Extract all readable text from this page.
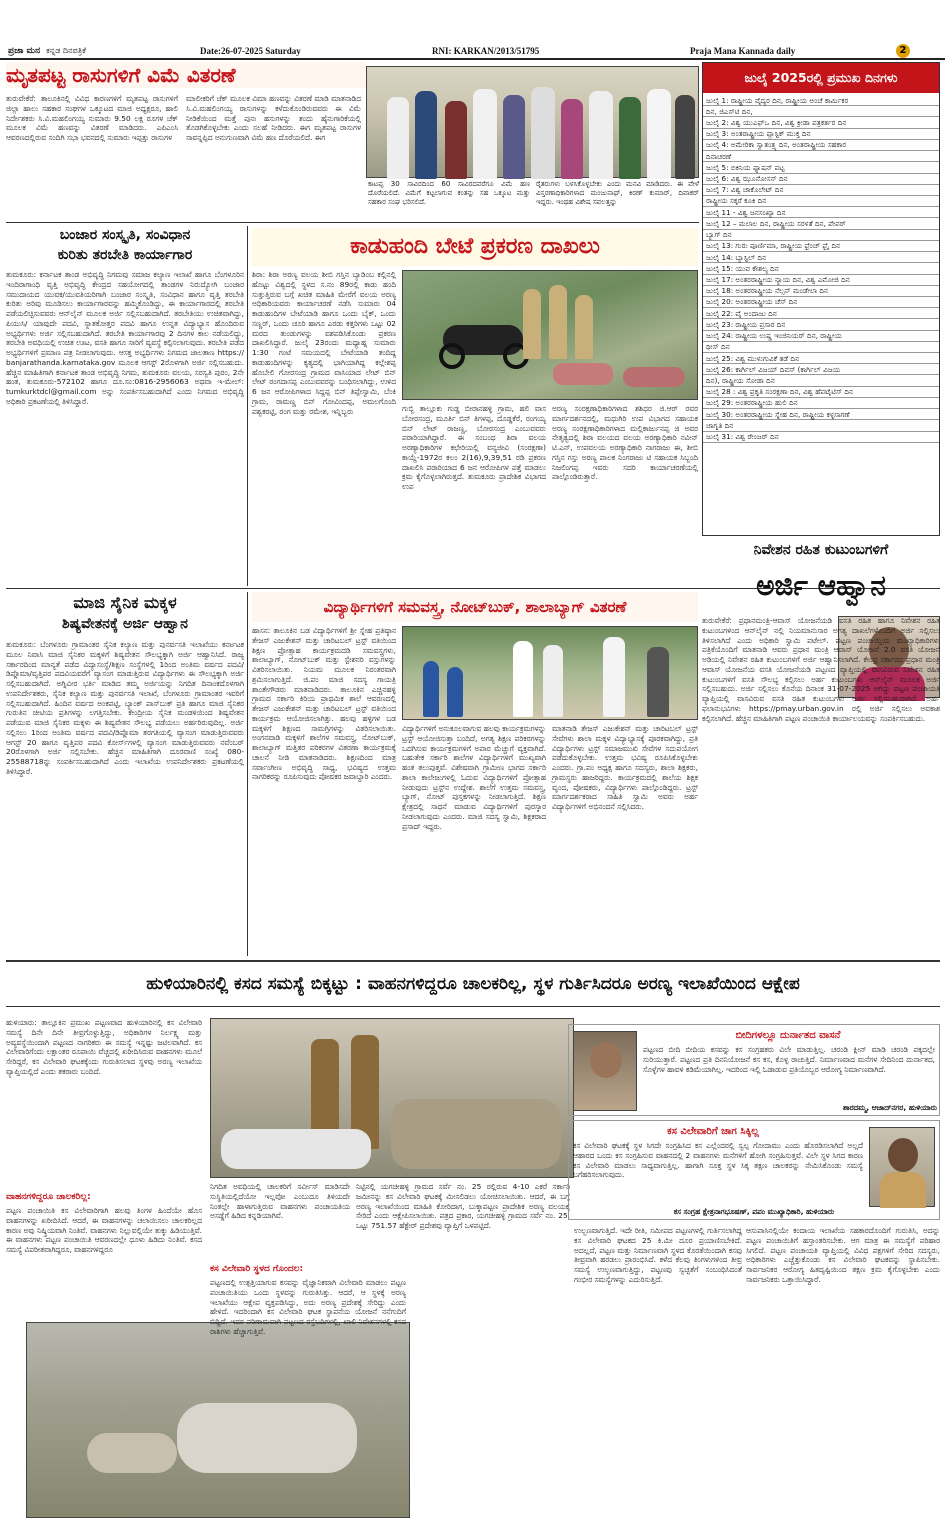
ಪ್ರಜಾ ಮನ ಕನ್ನಡ ದಿನಪತ್ರಿಕೆ	Date:26-07-2025 Saturday	RNI: KARKAN/2013/51795	Praja Mana Kannada daily	2
ಮೃತಪಟ್ಟ ರಾಸುಗಳಿಗೆ ವಿಮೆ ವಿತರಣೆ
ತುರುವೇಕೆರೆ: ತಾಲೂಕಿನಲ್ಲಿ ವಿವಿಧ ಕಾರಣಗಳಿಗೆ ಮೃತಪಟ್ಟ ರಾಸುಗಳಿಗೆ ಜಿಲ್ಲಾ ಹಾಲು ಸಹಕಾರ ಸಂಘಗಳ ಒಕ್ಕೂಟದ ಮಾಜಿ ಅಧ್ಯಕ್ಷರೂ, ಹಾಲಿ ನಿರ್ದೇಶಕರು ಸಿ.ವಿ.ಮಹಲಿಂಗಯ್ಯ ಸುಮಾರು 9.50 ಲಕ್ಷ ರೂಗಳ ಚೆಕ್ ಮೂಲಕ ವಿಮೆ ಹಣವನ್ನು ವಿತರಣೆ ಮಾಡಿದರು. ಎಪಿಎಂಸಿ ಆವರಣದಲ್ಲಿರುವ ಸಂದಿಗಿ ಸಭಾ ಭವನದಲ್ಲಿ ಸುಮಾರು ಇಪ್ಪತ್ತು ರಾಸುಗಳ
ಮಾಲೀಕರಿಗೆ ಚೆಕ್ ಮೂಲಕ ವಿಮಾ ಹಣವನ್ನು ವಿತರಣೆ ಮಾಡಿ ಮಾತನಾಡಿದ ಸಿ.ವಿ.ಮಹಲಿಂಗಯ್ಯ ರಾಸುಗಳನ್ನು ಕಳೆದುಕೊಂಡಿರುವವರು ಈ ವಿಮೆ ನೀಡಿಕೆಯಿಂದ ಮತ್ತೆ ಪುನಃ ಹಸುಗಳನ್ನು ತಂದು ಹೈನುಗಾರಿಕೆಯಲ್ಲಿ ತೊಡಗಿಕೊಳ್ಳಬೇಕು ಎಂದು ಸಲಹೆ ನೀಡಿದರು. ಈಗ ಮೃತಪಟ್ಟ ರಾಸುಗಳ ಸಾವನ್ನಪ್ಪಿದ ಅನುಗುಣವಾಗಿ ವಿಮೆ ಹಣ ದೊರೆಯಲಿದೆ. ಈಗ
ಕಾಟಪ್ಪ 30 ಸಾವಿರದಿಂದ 60 ಸಾವಿರದವರೆಗೂ ವಿಮೆ ಹಣ ದೊರೆಯಲಿದೆ. ವಿಮೆಗೆ ಕಟ್ಟಲಾಗುವ ಕಂತನ್ನು ಸಹ ಒಕ್ಕೂಟ ಮತ್ತು ಸಹಕಾರ ಸಂಘ ಭರಿಸಲಿದೆ.
ರೈತರುಗಳು ಬಳಸಿಕೊಳ್ಳಬೇಕು ಎಂದು ಮನವಿ ಮಾಡಿದರು. ಈ ವೇಳೆ ವಿಸ್ತರಣಾಧಿಕಾರಿಗಳಾದ ಮಂಜುನಾಥ್, ಕಿರಣ್ ಕುಮಾರ್, ದಿವಾಕರ್ ಇದ್ದರು. ಇಂಥಹ ವಿಶೇಷ ಸವಲತ್ತನ್ನು
ಜುಲೈ 2025ರಲ್ಲಿ ಪ್ರಮುಖ ದಿನಗಳು
ಜುಲೈ 1: ರಾಷ್ಟ್ರೀಯ ವೈದ್ಯರ ದಿನ, ರಾಷ್ಟ್ರೀಯ ಅಂಚೆ ಕಾರ್ಮಿಕರ
ದಿನ, ಜಿಎಸ್‌ಟಿ ದಿನ,
ಜುಲೈ 2: ವಿಶ್ವ ಯುಎಫ್‌ಒ ದಿನ, ವಿಶ್ವ ಕ್ರೀಡಾ ಪತ್ರಕರ್ತರ ದಿನ
ಜುಲೈ 3: ಅಂತರಾಷ್ಟ್ರೀಯ ಪ್ಲಾಸ್ಟಿಕ್ ಮುಕ್ತ ದಿನ
ಜುಲೈ 4: ಅಮೇರಿಕಾ ಸ್ವಾತಂತ್ರ್ಯ ದಿನ, ಅಂತರಾಷ್ಟ್ರೀಯ ಸಹಕಾರ
ದಿನಾಚರಣೆ
ಜುಲೈ 5: ಬಿಕಿನಿಯ ಫ್ಯಾಷನ್ ಪಟ್ಟ
ಜುಲೈ 6: ವಿಶ್ವ ಝೂನೋಸಸ್ ದಿನ
ಜುಲೈ 7: ವಿಶ್ವ ಚಾಕೊಲೇಟ್ ದಿನ
ರಾಷ್ಟ್ರೀಯ ಸಕ್ಕರೆ ಕೂಕಿ ದಿನ
ಜುಲೈ 11 - ವಿಶ್ವ ಜನಸಂಖ್ಯಾ ದಿನ
ಜುಲೈ 12 – ಮಲಾಲ ದಿನ, ರಾಷ್ಟ್ರೀಯ ಸರಳತೆ ದಿನ, ಪೇಪರ್
ಬ್ಯಾಗ್ ದಿನ
ಜುಲೈ 13: ಗುರು ಪೂರ್ಣಿಮಾ, ರಾಷ್ಟ್ರೀಯ ಫ್ರೆಂಚ್ ಫ್ರೈ ದಿನ
ಜುಲೈ 14: ಬ್ಯಾಸ್ಟಿಲ್ ದಿನ
ಜುಲೈ 15: ಯುವ ಕೌಶಲ್ಯ ದಿನ
ಜುಲೈ 17: ಅಂತರರಾಷ್ಟ್ರೀಯ ನ್ಯಾಯ ದಿನ, ವಿಶ್ವ ಎಮೋಜಿ ದಿನ
ಜುಲೈ 18: ಅಂತರರಾಷ್ಟ್ರೀಯ ನೆಲ್ಸನ್ ಮಂಡೇಲಾ ದಿನ
ಜುಲೈ 20: ಅಂತರರಾಷ್ಟ್ರೀಯ ಚೆಸ್ ದಿನ
ಜುಲೈ 22: ಪೈ ಅಂದಾಜು ದಿನ
ಜುಲೈ 23: ರಾಷ್ಟ್ರೀಯ ಪ್ರಸಾರ ದಿನ
ಜುಲೈ 24: ರಾಷ್ಟ್ರೀಯ ಉಷ್ಣ ಇಂಜಿನಿಯರ್ ದಿನ, ರಾಷ್ಟ್ರೀಯ
ಥೀಸ್ ದಿನ
ಜುಲೈ 25: ವಿಶ್ವ ಮುಳುಗುವಿಕೆ ತಡೆ ದಿನ
ಜುಲೈ 26: ಕಾರ್ಗಿಲ್ ವಿಜಯ್ ದಿವಸ್ (ಕಾರ್ಗಿಲ್ ವಿಜಯ
ದಿನ), ರಾಷ್ಟ್ರೀಯ ಸೋಡಾ ದಿನ
ಜುಲೈ 28 : ವಿಶ್ವ ಪ್ರಕೃತಿ ಸಂರಕ್ಷಣಾ ದಿನ, ವಿಶ್ವ ಹೆಪಟೈಟಿಸ್ ದಿನ
ಜುಲೈ 29: ಅಂತರರಾಷ್ಟ್ರೀಯ ಹುಲಿ ದಿನ
ಜುಲೈ 30: ಅಂತರರಾಷ್ಟ್ರೀಯ ಸ್ನೇಹ ದಿನ, ರಾಷ್ಟ್ರೀಯ ಕಳ್ಳಸಾಗಣೆ
ಜಾಗೃತಿ ದಿನ
ಜುಲೈ 31: ವಿಶ್ವ ರೇಂಜರ್ ದಿನ
ಬಂಜಾರ ಸಂಸ್ಕೃತಿ, ಸಂವಿಧಾನ
ಕುರಿತು ತರಬೇತಿ ಕಾರ್ಯಾಗಾರ
ತುಮಕೂರು: ಕರ್ನಾಟಕ ತಾಂಡ ಅಭಿವೃದ್ಧಿ ನಿಗಮವು ಸಮಾಜ ಕಲ್ಯಾಣ ಇಲಾಖೆ ಹಾಗೂ ಬೆಂಗಳೂರಿನ ಇಂದಿರಾಗಾಂಧಿ ವೃತ್ತಿ ಅಭಿವೃದ್ಧಿ ಕೇಂದ್ರದ ಸಹಯೋಗದಲ್ಲಿ ತಾಂಡಗಳ ನಿರುದ್ಯೋಗಿ ಬಂಜಾರ ಸಮುದಾಯದ ಯುವಕ/ಯುವತಿಯರಿಗಾಗಿ ಬಂಜಾರ ಸಂಸ್ಕೃತಿ, ಸಂವಿಧಾನ ಹಾಗೂ ವೃತ್ತಿ ತರಬೇತಿ ಕುರಿತು ಅರಿವು ಮೂಡಿಸಲು ಕಾರ್ಯಾಗಾರವನ್ನು ಹಮ್ಮಿಕೊಂಡಿದ್ದು, ಈ ಕಾರ್ಯಾಗಾರದಲ್ಲಿ ತರಬೇತಿ ಪಡೆಯಲಿಚ್ಛಿಸುವವರು ಆನ್‌ಲೈನ್ ಮೂಲಕ ಅರ್ಜಿ ಸಲ್ಲಿಸಬಹುದಾಗಿದೆ. ತರಬೇತಿಯು ಉಚಿತವಾಗಿದ್ದು, ಪಿಯುಸಿ/ ಯಾವುದೇ ಪದವಿ, ಸ್ನಾತಕೋತ್ತರ ಪದವಿ ಹಾಗೂ ಉನ್ನತ ವಿದ್ಯಾಭ್ಯಾಸ ಹೊಂದಿರುವ ಅಭ್ಯರ್ಥಿಗಳು ಅರ್ಜಿ ಸಲ್ಲಿಸಬಹುದಾಗಿದೆ. ತರಬೇತಿ ಕಾರ್ಯಾಗಾರವು 2 ದಿನಗಳ ಕಾಲ ನಡೆಯಲಿದ್ದು, ತರಬೇತಿ ಅವಧಿಯಲ್ಲಿ ಉಚಿತ ಊಟ, ವಸತಿ ಹಾಗೂ ಸಾರಿಗೆ ವ್ಯವಸ್ಥೆ ಕಲ್ಪಿಸಲಾಗುವುದು. ತರಬೇತಿ ಪಡೆದ ಅಭ್ಯರ್ಥಿಗಳಿಗೆ ಪ್ರಮಾಣ ಪತ್ರ ನೀಡಲಾಗುವುದು. ಆಸಕ್ತ ಅಭ್ಯರ್ಥಿಗಳು ನಿಗಮದ ಜಾಲತಾಣ https:// banjarathanda.karnataka.gov ಮೂಲಕ ಆಗಸ್ಟ್ 2ರೊಳಗಾಗಿ ಅರ್ಜಿ ಸಲ್ಲಿಸಬಹುದು. ಹೆಚ್ಚಿನ ಮಾಹಿತಿಗಾಗಿ ಕರ್ನಾಟಕ ತಾಂಡ ಅಭಿವೃದ್ಧಿ ನಿಗಮ, ತುಮಕೂರು ವಲಯ, ಸರಸ್ವತಿ ಪುರಂ, 2ನೇ ಹಂತ, ತುಮಕೂರು-572102 ಹಾಗೂ ದೂ.ಸಂ:0816-2956063 ಅಥವಾ ಇ-ಮೇಲ್: tumkurktdcl@gmail.com ಅನ್ನು ಸಂಪರ್ಕಿಸಬಹುದಾಗಿದೆ ಎಂದು ನಿಗಮದ ಅಭಿವೃದ್ಧಿ ಅಧಿಕಾರಿ ಪ್ರಕಟಣೆಯಲ್ಲಿ ತಿಳಿಸಿದ್ದಾರೆ.
ಕಾಡುಹಂದಿ ಬೇಟೆ ಪ್ರಕರಣ ದಾಖಲು
ಶಿರಾ: ಶಿರಾ ಅರಣ್ಯ ವಲಯ ಶೀಬಿ ಗಸ್ತಿನ ಬ್ಯಾಡಿಂಬ ಕಲ್ಲಿನಲ್ಲಿ ಹೊಟ್ಟು ವಿಶ್ವದಲ್ಲಿ ಸ್ಥಳದ ಸ.ನಂ 89ರಲ್ಲಿ ಕಾಡು ಹಂದಿ ಸುತ್ತುತ್ತಿರುವ ಬಗ್ಗೆ ಖಚಿತ ಮಾಹಿತಿ ಮೇರೆಗೆ ವಲಯ ಅರಣ್ಯ ಅಧಿಕಾರಿಯವರು ಕಾರ್ಯಾಚರಣೆ ನಡೆಸಿ ಸುಮಾರು 04 ಕಾಡುಹಂದಿಗಳ ಬೇಟೆಯಾಡಿ ಹಾಗೂ ಒಂದು ಬೈಕ್, ಒಂದು ಸಣ್ಣರ್, ಒಂದು ಚೂರಿ ಹಾಗೂ ಎರಡು ಕತ್ತರಿಗಳು ಒಟ್ಟು 02 ಮರದ ತುಂಡುಗಳನ್ನು ವಶಪಡಿಸಿಕೊಂಡು ಪ್ರಕರಣ ದಾಖಲಿಸಿದ್ದಾರೆ. ಜುಲೈ 23ರಂದು ಮಧ್ಯಾಹ್ನ ಸುಮಾರು 1:30 ಗಂಟೆ ಸಮಯದಲ್ಲಿ ಬೇಟೆಯಾಡಿ ತಂದಿದ್ದ ಕಾಡುಹಂದಿಗಳನ್ನು ಕೃತ್ಯದಲ್ಲಿ ಭಾಗಿಯಾಗಿದ್ದ ಕಲ್ಲೇಶಪ್ಪ ಹೊಬೇಲಿ ಗೋರಸಂದ್ರ ಗ್ರಾಮದ ವಾಸಿಯಾದ ಲೇಟ್ ಬಿನ್ ಲೇಟ್ ರಂಗದಾಸಪ್ಪ ಎಂಬುವವರನ್ನು ಬಂಧಿಸಲಾಗಿದ್ದು, ಉಳಿದ 6 ಜನ ಆರೋಪಿಗಳಾದ ಸಿದ್ದಪ್ಪ ಬಿನ್ ತಿಪ್ಪೇಸ್ವಾಮಿ, ಬೆಂಕಿ ಗ್ರಾಮ, ರಾಮಣ್ಣ ಬಿನ್ ಗೋವಿಂದಪ್ಪ, ಅಮಲಗೊಂದಿ ಪಶ್ವಕರಟ್ಟಿ, ರಂಗ ಮತ್ತು ರಮೇಶ, ಇನ್ನಿಬ್ಬರು	ಗುಬ್ಬಿ ತಾಲ್ಲೂಕು ಗುಡ್ಡ ಬೀರಾನಹಳ್ಳಿ ಗ್ರಾಮ, ಹಲಿ ವಾಸ ಬೋರಸಂದ್ರ, ಮೂರ್ತಿ ಬಿನ್ ತಿಗಳಪ್ಪ, ದೊಡ್ಡಕೆರೆ, ರಂಗಯ್ಯ ಬಿನ್ ಲೇಟ್ ರಾಜಣ್ಣ, ಬೋರಸಂದ್ರ ಎಂಬುವವರು ಪರಾರಿಯಾಗಿದ್ದಾರೆ. ಈ ಸಂಬಂಧ ಶಿರಾ ವಲಯ ಅರಣ್ಯಾಧಿಕಾರಿಗಳ ಕಛೇರಿಯಲ್ಲಿ ವನ್ಯಜೀವಿ (ಸಂರಕ್ಷಣಾ) ಕಾಯ್ದೆ-1972ರ ಕಲಂ 2(16),9,39,51 ರಡಿ ಪ್ರಕರಣ ದಾಖಲಿಸಿ ಪರಾರಿಯಾದ 6 ಜನ ಆರೋಪಿಗಳ ಪತ್ತೆ ಮಾಡಲು ಕ್ರಮ ಕೈಗೊಳ್ಳಲಾಗಿರುತ್ತದೆ. ತುಮಕೂರು ಪ್ರಾದೇಶಿಕ ವಿಭಾಗದ ಉಪ
ಅರಣ್ಯ ಸಂರಕ್ಷಣಾಧಿಕಾರಿಗಳಾದ ಶಶಿಧರ ಜಿ.ಆರ್ ರವರ ಮಾರ್ಗದರ್ಶನದಲ್ಲಿ, ಮಧುಗಿರಿ ಉಪ ವಿಭಾಗದ ಸಹಾಯಕ ಅರಣ್ಯ ಸಂರಕ್ಷಣಾಧಿಕಾರಿಗಳಾದ ಮಲ್ಲಿಕಾರ್ಜುನಪ್ಪ ಜಿ ಅವರ ನೇತೃತ್ವದಲ್ಲಿ ಶಿರಾ ವಲಯದ ವಲಯ ಅರಣ್ಯಾಧಿಕಾರಿ ನವೀನ್ ಟಿ.ಎನ್, ಉಪವಲಯ ಅರಣ್ಯಾಧಿಕಾರಿ ನಾಗರಾಜು ಈ, ಶೀಬಿ ಗಸ್ತಿನ ಗಸ್ತು ಅರಣ್ಯ ಪಾಲಕ ನಿಂಗರಾಜು ಟಿ ಸಹಾಯಕ ಸಿಬ್ಬಂದಿ ನಿಜಲಿಂಗಪ್ಪ ಇವರು ಸದರಿ ಕಾರ್ಯಾಚರಣೆಯಲ್ಲಿ ಪಾಲ್ಗೊಂಡಿರುತ್ತಾರೆ.
ನಿವೇಶನ ರಹಿತ ಕುಟುಂಬಗಳಿಗೆ
ಅರ್ಜಿ ಆಹ್ವಾನ
ತುರುವೇಕೆರೆ: ಪ್ರಧಾನಮಂತ್ರಿ-ಆವಾಸ್ ಯೋಜನೆಯಡಿ ವಸತಿ ರಹಿತ ಹಾಗೂ ನಿವೇಶನ ರಹಿತ ಕುಟುಂಬಗಳಿಂದ ಆನ್‌ಲೈನ್ ನಲ್ಲಿ ನಿಯಮಾನುಸಾರ ಅಗತ್ಯ ದಾಖಲೆಗಳೊಂದಿಗೆ ಅರ್ಜಿ ಸಲ್ಲಿಸಲು ತಿಳಿಸಲಾಗಿದೆ ಎಂದು ಅಧಿಕಾರಿ ಸ್ವಾಮಿ ಪಟೇಲ್. ಪಟ್ಟಣ ಪಂಚಾಯ್ತಿಯ ಮುಖ್ಯಾಧಿಕಾರಿಗಳು ಪತ್ರಿಕೆಯೊಂದಿಗೆ ಮಾತನಾಡಿ ಆವರು ಪ್ರಧಾನ ಮಂತ್ರಿ ಆವಾಸ್ ಯೋಜನೆ 2.0 ವಸತಿ ಯೋಜನೆ ಅಡಿಯಲ್ಲಿ ನಿವೇಶನ ರಹಿತ ಕುಟುಂಬಗಳಿಗೆ ಅರ್ಜಿ ಆಹ್ವಾನಿಸಲಾಗಿದೆ. ಕೇಂದ್ರ ಸರ್ಕಾರದ ಪ್ರಧಾನ ಮಂತ್ರಿ ಆವಾಸ್ ಯೋಜನೆಯ ವಸತಿ ಯೋಜನೆಯಡಿ ಪಟ್ಟಣದ ವ್ಯಾಪ್ತಿಯಲ್ಲಿ ವಾಸವಿರುವ ನಿವೇಶನ ರಹಿತ ಕುಟುಂಬಗಳಿಗೆ ವಸತಿ ಸೌಲಭ್ಯ ಕಲ್ಪಿಸಲು ಅರ್ಹ ಕುಟುಂಬಗಳು ಆನ್‌ಲೈನ್ ಮೂಲಕ ಅರ್ಜಿ ಸಲ್ಲಿಸಬಹುದು. ಅರ್ಜಿ ಸಲ್ಲಿಸಲು ಕೊನೆಯ ದಿನಾಂಕ 31-07-2025 ಆಗಿದ್ದು ಪಟ್ಟಣ ಪಂಚಾಯತಿ ವ್ಯಾಪ್ತಿಯಲ್ಲಿ ವಾಸವಿರುವ ವಸತಿ ರಹಿತ ಕುಟುಂಬಗಳು ಅರ್ಜಿ ಸಲ್ಲಿಸಬಹುದಾಗಿದೆ. ಅರ್ಹ ಫಲಾನುಭವಿಗಳು https://pmay.urban.gov.in ರಲ್ಲಿ ಅರ್ಜಿ ಸಲ್ಲಿಸಲು ಅವಕಾಶ ಕಲ್ಪಿಸಲಾಗಿದೆ. ಹೆಚ್ಚಿನ ಮಾಹಿತಿಗಾಗಿ ಪಟ್ಟಣ ಪಂಚಾಯಿತಿ ಕಾರ್ಯಾಲಯವನ್ನು ಸಂಪರ್ಕಿಸಬಹುದು.
ಮಾಜಿ ಸೈನಿಕ ಮಕ್ಕಳ
ಶಿಷ್ಯವೇತನಕ್ಕೆ ಅರ್ಜಿ ಆಹ್ವಾನ
ತುಮಕೂರು: ಬೆಂಗಳೂರು ಗ್ರಾಮಾಂತರ ಸೈನಿಕ ಕಲ್ಯಾಣ ಮತ್ತು ಪುನರ್ವಸತಿ ಇಲಾಖೆಯು ಕರ್ನಾಟಕ ಮೂಲ ನಿವಾಸಿ ಮಾಜಿ ಸೈನಿಕರ ಮಕ್ಕಳಿಗೆ ಶಿಷ್ಯವೇತನ ಸೌಲಭ್ಯಕ್ಕಾಗಿ ಅರ್ಜಿ ಆಹ್ವಾನಿಸಿದೆ. ರಾಜ್ಯ ಸರ್ಕಾರದಿಂದ ಮಾನ್ಯತೆ ಪಡೆದ ವಿದ್ಯಾಸಂಸ್ಥೆ/ಶಿಕ್ಷಣ ಸಂಸ್ಥೆಗಳಲ್ಲಿ 1ರಿಂದ ಅಂತಿಮ ವರ್ಷದ ಪದವಿ/ಡಿಪ್ಲೊಮಾ/ವೃತ್ತಿಪರ ಪದವಿಯವರೆಗೆ ವ್ಯಾಸಂಗ ಮಾಡುತ್ತಿರುವ ವಿದ್ಯಾರ್ಥಿಗಳು ಈ ಸೌಲಭ್ಯಕ್ಕಾಗಿ ಅರ್ಜಿ ಸಲ್ಲಿಸಬಹುದಾಗಿದೆ. ಅಗ್ನಿವೀರ ಭರ್ತಿ ಮಾಡಿದ ತಮ್ಮ ಅರ್ಜಿಯನ್ನು ನಿಗದಿತ ದಿನಾಂಕದೊಳಗಾಗಿ ಉಪನಿರ್ದೇಶಕರು, ಸೈನಿಕ ಕಲ್ಯಾಣ ಮತ್ತು ಪುನರ್ವಸತಿ ಇಲಾಖೆ, ಬೆಂಗಳೂರು ಗ್ರಾಮಾಂತರ ಇವರಿಗೆ ಸಲ್ಲಿಸಬಹುದಾಗಿದೆ. ಹಿಂದಿನ ವರ್ಷದ ಅಂಕಪಟ್ಟಿ, ಬ್ಯಾಂಕ್ ಪಾಸ್‌ಬುಕ್ ಪ್ರತಿ ಹಾಗೂ ಮಾಜಿ ಸೈನಿಕರ ಗುರುತಿನ ಚೀಟಿಯ ಪ್ರತಿಗಳನ್ನು ಲಗತ್ತಿಸಬೇಕು. ಕೇಂದ್ರೀಯ ಸೈನಿಕ ಮಂಡಳಿಯಿಂದ ಶಿಷ್ಯವೇತನ ಪಡೆಯುವ ಮಾಜಿ ಸೈನಿಕರ ಮಕ್ಕಳು ಈ ಶಿಷ್ಯವೇತನ ಸೌಲಭ್ಯ ಪಡೆಯಲು ಅರ್ಹರಿರುವುದಿಲ್ಲ. ಅರ್ಜಿ ಸಲ್ಲಿಸಲು 1ರಿಂದ ಅಂತಿಮ ವರ್ಷದ ಪದವಿ/ಡಿಪ್ಲೊಮಾ ತರಗತಿಯಲ್ಲಿ ವ್ಯಾಸಂಗ ಮಾಡುತ್ತಿರುವವರು ಆಗಸ್ಟ್ 20 ಹಾಗೂ ವೃತ್ತಿಪರ ಪದವಿ ಕೋರ್ಸ್‌ಗಳಲ್ಲಿ ವ್ಯಾಸಂಗ ಮಾಡುತ್ತಿರುವವರು ನವೆಂಬರ್ 20ರೊಳಗಾಗಿ ಅರ್ಜಿ ಸಲ್ಲಿಸಬೇಕು. ಹೆಚ್ಚಿನ ಮಾಹಿತಿಗಾಗಿ ದೂರವಾಣಿ ಸಂಖ್ಯೆ 080-25588718ನ್ನು ಸಂಪರ್ಕಿಸಬಹುದಾಗಿದೆ ಎಂದು ಇಲಾಖೆಯ ಉಪನಿರ್ದೇಶಕರು ಪ್ರಕಟಣೆಯಲ್ಲಿ ತಿಳಿಸಿದ್ದಾರೆ.
ವಿದ್ಯಾರ್ಥಿಗಳಿಗೆ ಸಮವಸ್ತ್ರ, ನೋಟ್‌ಬುಕ್, ಶಾಲಾಬ್ಯಾಗ್ ವಿತರಣೆ
ಹಾಸನ: ತಾಲೂಕಿನ ಬಡ ವಿದ್ಯಾರ್ಥಿಗಳಿಗೆ ಶ್ರೀ ಸ್ನೇಹ ಪ್ರತಿಷ್ಠಾನ ತೇಜಸ್ ಎಜುಕೇಶನ್ ಮತ್ತು ಚಾರಿಟಬಲ್ ಟ್ರಸ್ಟ್ ವತಿಯಿಂದ ಶಿಕ್ಷಣ ಪ್ರೋತ್ಸಾಹ ಕಾರ್ಯಕ್ರಮದಡಿ ಸಮವಸ್ತ್ರಗಳು, ಶಾಲಾಬ್ಯಾಗ್, ನೋಟ್‌ಬುಕ್ ಮತ್ತು ಸ್ಟೇಶನರಿ ವಸ್ತುಗಳನ್ನು ವಿತರಿಸಲಾಯಿತು. ನಿಯಮ ಮೂಲಕ ನಿರಂತರವಾಗಿ ಶ್ರಮಿಸಲಾಗುತ್ತಿದೆ. ಜಿ.ಪಂ ಮಾಜಿ ಸದಸ್ಯ ಗಾಯತ್ರಿ ಶಾಂತೇಗೌಡರು ಮಾತನಾಡಿದರು. ತಾಲೂಕಿನ ಎಚ್ಚಿನಹಳ್ಳಿ ಗ್ರಾಮದ ಸರ್ಕಾರಿ ಕಿರಿಯ ಪ್ರಾಥಮಿಕ ಶಾಲೆ ಆವರಣದಲ್ಲಿ ತೇಜಸ್ ಎಜುಕೇಶನ್ ಮತ್ತು ಚಾರಿಟಬಲ್ ಟ್ರಸ್ಟ್ ವತಿಯಿಂದ ಕಾರ್ಯಕ್ರಮ ಆಯೋಜಿಸಲಾಗಿತ್ತು. ಹಲವು ಹಳ್ಳಿಗಳ ಬಡ ಮಕ್ಕಳಿಗೆ ಶಿಕ್ಷಣದ ಸಾಮಗ್ರಿಗಳನ್ನು ವಿತರಿಸಲಾಯಿತು. ಅಂಗನವಾಡಿ ಮಕ್ಕಳಿಗೆ ಶಾಲೆಗಳ ಸಮವಸ್ತ್ರ, ನೋಟ್‌ಬುಕ್, ಶಾಲಾಬ್ಯಾಗ್ ಮತ್ತಿತರ ಪರಿಕರಗಳ ವಿತರಣಾ ಕಾರ್ಯಕ್ರಮಕ್ಕೆ ಚಾಲನೆ ನೀಡಿ ಮಾತನಾಡಿದರು. ಶಿಕ್ಷಣದಿಂದ ಮಾತ್ರ ಸರ್ವಾಂಗೀಣ ಅಭಿವೃದ್ಧಿ ಸಾಧ್ಯ, ಭವಿಷ್ಯದ ಉತ್ತಮ ನಾಗರಿಕರನ್ನು ರೂಪಿಸುವುದು ಪೋಷಕರ ಜವಾಬ್ದಾರಿ ಎಂದರು.
ವಿದ್ಯಾರ್ಥಿಗಳಿಗೆ ಅನುಕೂಲವಾಗುವ ಹಲವು ಕಾರ್ಯಕ್ರಮಗಳನ್ನು ಟ್ರಸ್ಟ್ ಆಯೋಜಿಸುತ್ತಾ ಬಂದಿದೆ, ಅಗತ್ಯ ಶಿಕ್ಷಣ ಪರಿಕರಗಳನ್ನು ಒದಗಿಸುವ ಕಾರ್ಯಕ್ರಮಗಳಿಗೆ ಅಪಾರ ಮೆಚ್ಚುಗೆ ವ್ಯಕ್ತವಾಗಿದೆ. ಬಹುತೇಕ ಸರ್ಕಾರಿ ಶಾಲೆಗಳ ವಿದ್ಯಾರ್ಥಿಗಳಿಗೆ ಮುಖ್ಯವಾಗಿ ಹಂತ ತಲುಪುತ್ತವೆ. ವಿಶೇಷವಾಗಿ ಗ್ರಾಮೀಣ ಭಾಗದ ಸರ್ಕಾರಿ ಶಾಲಾ ಕಾಲೇಜುಗಳಲ್ಲಿ ಓದುವ ವಿದ್ಯಾರ್ಥಿಗಳಿಗೆ ಪ್ರೋತ್ಸಾಹ ನೀಡುವುದು ಟ್ರಸ್ಟ್‌ನ ಉದ್ದೇಶ. ಶಾಲೆಗೆ ಉತ್ತಮ ಸಮವಸ್ತ್ರ, ಬ್ಯಾಗ್, ನೋಟ್ ಪುಸ್ತಕಗಳನ್ನು ನೀಡಲಾಗುತ್ತಿದೆ. ಶಿಕ್ಷಣ ಕ್ಷೇತ್ರದಲ್ಲಿ ಸಾಧನೆ ಮಾಡುವ ವಿದ್ಯಾರ್ಥಿಗಳಿಗೆ ಪುರಸ್ಕಾರ ನೀಡಲಾಗುವುದು ಎಂದರು. ಮಾಜಿ ಸದಸ್ಯ ಸ್ವಾಮಿ, ಶಿಕ್ಷಕರಾದ ಪ್ರಸಾದ್ ಇದ್ದರು.
ಮಾತನಾಡಿ ತೇಜಸ್ ಎಜುಕೇಶನ್ ಮತ್ತು ಚಾರಿಟಬಲ್ ಟ್ರಸ್ಟ್ ಸೇವೆಗಳು ಶಾಲಾ ಮಕ್ಕಳ ವಿದ್ಯಾಭ್ಯಾಸಕ್ಕೆ ಪೂರಕವಾಗಿದ್ದು, ಪ್ರತಿ ವಿದ್ಯಾರ್ಥಿಗಳು ಟ್ರಸ್ಟ್ ಸಮಾಜಮುಖಿ ಸೇವೆಗಳ ಸದುಪಯೋಗ ಪಡೆದುಕೊಳ್ಳಬೇಕು. ಉತ್ತಮ ಭವಿಷ್ಯ ರೂಪಿಸಿಕೊಳ್ಳಬೇಕು ಎಂದರು. ಗ್ರಾ.ಪಂ ಅಧ್ಯಕ್ಷ ಹಾಗೂ ಸದಸ್ಯರು, ಶಾಲಾ ಶಿಕ್ಷಕರು, ಗ್ರಾಮಸ್ಥರು ಹಾಜರಿದ್ದರು. ಕಾರ್ಯಕ್ರಮದಲ್ಲಿ ಶಾಲೆಯ ಶಿಕ್ಷಕ ವೃಂದ, ಪೋಷಕರು, ವಿದ್ಯಾರ್ಥಿಗಳು ಪಾಲ್ಗೊಂಡಿದ್ದರು. ಟ್ರಸ್ಟ್ ಮಾರ್ಗದರ್ಶಕರಾದ ಸಾಹಿತಿ ಸ್ವಾಮಿ ಅವರು ಅರ್ಹ ವಿದ್ಯಾರ್ಥಿಗಳಿಗೆ ಅಭಿನಂದನೆ ಸಲ್ಲಿಸಿದರು.
ಹುಳಿಯಾರಿನಲ್ಲಿ ಕಸದ ಸಮಸ್ಯೆ ಬಿಕ್ಕಟ್ಟು : ವಾಹನಗಳಿದ್ದರೂ ಚಾಲಕರಿಲ್ಲ, ಸ್ಥಳ ಗುರ್ತಿಸಿದರೂ ಅರಣ್ಯ ಇಲಾಖೆಯಿಂದ ಆಕ್ಷೇಪ
ಹುಳಿಯಾರು: ತಾಲ್ಲೂಕಿನ ಪ್ರಮುಖ ಪಟ್ಟಣವಾದ ಹುಳಿಯಾರಿನಲ್ಲಿ ಕಸ ವಿಲೇವಾರಿ ಸಮಸ್ಯೆ ದಿನೇ ದಿನೇ ತೀವ್ರಗೊಳ್ಳುತ್ತಿದ್ದು, ಅಧಿಕಾರಿಗಳ ನಿರ್ಲಕ್ಷ್ಯ ಮತ್ತು ಅವ್ಯವಸ್ಥೆಯಿಂದಾಗಿ ಪಟ್ಟಣದ ನಾಗರಿಕರು ಈ ಸಮಸ್ಯೆ ಇನ್ನಷ್ಟು ಜಟಿಲವಾಗಿದೆ. ಕಸ ವಿಲೇವಾರಿಗೆಂದು ಲಕ್ಷಾಂತರ ರೂಪಾಯಿ ವೆಚ್ಚದಲ್ಲಿ ಖರೀದಿಸಿರುವ ವಾಹನಗಳು ಮೂಲೆ ಸೇರಿದ್ದರೆ, ಕಸ ವಿಲೇವಾರಿ ಘಟಕಕ್ಕೆಂದು ಗುರುತಿಸಲಾದ ಸ್ಥಳವು ಅರಣ್ಯ ಇಲಾಖೆಯ ವ್ಯಾಪ್ತಿಯಲ್ಲಿದೆ ಎಂದು ತಕರಾರು ಬಂದಿದೆ.
ವಾಹನಗಳಿದ್ದರೂ ಚಾಲಕರಿಲ್ಲ:
ಪಟ್ಟಣ ಪಂಚಾಯಿತಿ ಕಸ ವಿಲೇವಾರಿಗಾಗಿ ಹಲವು ತಿಂಗಳ ಹಿಂದೆಯೇ ಹೊಸ ವಾಹನಗಳನ್ನು ಖರೀದಿಸಿದೆ. ಆದರೆ, ಈ ವಾಹನಗಳನ್ನು ಚಲಾಯಿಸಲು ಚಾಲಕರಿಲ್ಲದ ಕಾರಣ ಅವು ನಿಷ್ಕ್ರಿಯವಾಗಿ ನಿಂತಿವೆ. ವಾಹನಗಳು ನಿಲ್ಲುವಲ್ಲಿಯೇ ತುಕ್ಕು ಹಿಡಿಯುತ್ತಿವೆ. ಈ ವಾಹನಗಳು ಪಟ್ಟಣ ಪಂಚಾಯಿತಿ ಆವರಣದಲ್ಲೇ ಧೂಳು ಹಿಡಿದು ನಿಂತಿವೆ. ಕಸದ ಸಮಸ್ಯೆ ವಿಪರೀತವಾಗಿದ್ದರೂ, ವಾಹನಗಳಿದ್ದರೂ
ನಿಗದಿತ ಅವಧಿಯಲ್ಲಿ ಚಾಲಕರಿಗೆ ಸರ್ವೀಸ್ ಮಾಡಿಸದೇ ಸುಸ್ಥಿತಿಯಲ್ಲಿದೆಯೋ ಇಲ್ಲವೋ ಎಂಬುದೂ ತಿಳಿಯದೇ ನಿಂತಲ್ಲೇ ಹಾಳಾಗುತ್ತಿರುವ ವಾಹನಗಳು ಪಂಚಾಯತಿಯ ಅಸಡ್ಡೆಗೆ ಹಿಡಿದ ಕನ್ನಡಿಯಾಗಿವೆ.
ಕಸ ವಿಲೇವಾರಿ ಸ್ಥಳದ ಗೊಂದಲ:
ಪಟ್ಟಣದಲ್ಲಿ ಉತ್ಪತ್ತಿಯಾಗುವ ಕಸವನ್ನು ವೈಜ್ಞಾನಿಕವಾಗಿ ವಿಲೇವಾರಿ ಮಾಡಲು ಪಟ್ಟಣ ಪಂಚಾಯಿತಿಯು ಒಂದು ಸ್ಥಳವನ್ನು ಗುರುತಿಸಿತ್ತು. ಆದರೆ, ಆ ಸ್ಥಳಕ್ಕೆ ಅರಣ್ಯ ಇಲಾಖೆಯು ಆಕ್ಷೇಪ ವ್ಯಕ್ತಪಡಿಸಿದ್ದು, ಅದು ಅರಣ್ಯ ಪ್ರದೇಶಕ್ಕೆ ಸೇರಿದ್ದು ಎಂದು ಹೇಳಿದೆ. ಇದರಿಂದಾಗಿ ಕಸ ವಿಲೇವಾರಿ ಘಟಕ ಸ್ಥಾಪನೆಯ ಯೋಜನೆ ನನೆಗುದಿಗೆ ಬಿದ್ದಿದೆ. ಇದರ ಪರಿಣಾಮವಾಗಿ ಪಟ್ಟಣದ ರಸ್ತೆಬದಿಗಳಲ್ಲಿ, ಖಾಲಿ ನಿವೇಶನಗಳಲ್ಲಿ ಕಸದ ರಾಶಿಗಳು ಹೆಚ್ಚಾಗುತ್ತಿವೆ.
ನಿಟ್ಟಿನಲ್ಲಿ ಯಗಚೀಹಳ್ಳಿ ಗ್ರಾಮದ ಸರ್ವೆ ನಂ. 25 ರಲ್ಲಿರುವ 4-10 ಎಕರೆ ಸರ್ಕಾರಿ ಜಮೀನನ್ನು ಕಸ ವಿಲೇವಾರಿ ಘಟಕಕ್ಕೆ ಮೀಸಲಿಡಲು ಯೋಚಿಸಲಾಯಿತು. ಆದರೆ, ಈ ಬಗ್ಗೆ ಅರಣ್ಯ ಇಲಾಖೆಯಿಂದ ಮಾಹಿತಿ ಕೋರಿದಾಗ, ಬುಕ್ಕಾಪಟ್ಟಣ ಪ್ರಾದೇಶಿಕ ಅರಣ್ಯ ವಲಯಕ್ಕೆ ಸೇರಿದೆ ಎಂದು ಆಕ್ಷೇಪಿಸಲಾಯಿತು. ಪತ್ರದ ಪ್ರಕಾರ, ಯಗಚೀಹಳ್ಳಿ ಗ್ರಾಮದ ಸರ್ವೆ ನಂ. 25, ಒಟ್ಟು 751.57 ಹೆಕ್ಟೇರ್ ಪ್ರದೇಶವು ವ್ಯಾಪ್ತಿಗೆ ಒಳಪಟ್ಟಿದೆ.
ಉಲ್ಬಣವಾಗುತ್ತಿದೆ. ಇದೇ ರೀತಿ, ಸಮೀಪದ ಪಟ್ಟಣಗಳಲ್ಲಿ ಗುರ್ತಿಸಲಾಗಿದ್ದ ಕಸ ವಿಲೇವಾರಿ ಘಟಕದ 25 ಕಿ.ಮೀ ದೂರ ಪ್ರಯಾಣಿಸಬೇಕಿದೆ. ಅದಲ್ಲದೆ, ಪಟ್ಟಣ ಮತ್ತು ನಿರ್ಮಾಣವಾಗಿ ಸ್ಥಳದ ಕೊರತೆಯಿಂದಾಗಿ ಕಸವು ತೀವ್ರವಾಗಿ ಹರಡಲು ಪ್ರಾರಂಭಿಸಿದೆ. ಕಳೆದ ಕೆಲವು ತಿಂಗಳುಗಳಿಂದ ತೀವ್ರ ಸಮಸ್ಯೆ ಉಲ್ಬಣವಾಗುತ್ತಿದ್ದು, ಪಟ್ಟಣವು ಸ್ವಚ್ಛತೆಗೆ ಸಂಬಂಧಿಸಿದಂತೆ ಗಂಭೀರ ಸಮಸ್ಯೆಗಳನ್ನು ಎದುರಿಸುತ್ತಿದೆ.
ಆಸುಪಾಸಿನಲ್ಲಿಯೇ ಕಂದಾಯ ಇಲಾಖೆಯ ಸಹಕಾರದೊಂದಿಗೆ ಗುರುತಿಸಿ, ಅದನ್ನು ಪಟ್ಟಣ ಪಂಚಾಯಿತಿಗೆ ಹಸ್ತಾಂತರಿಸಬೇಕು. ಆಗ ಮಾತ್ರ ಈ ಸಮಸ್ಯೆಗೆ ಪರಿಹಾರ ಸಿಗಲಿದೆ. ಪಟ್ಟಣ ಪಂಚಾಯತಿ ವ್ಯಾಪ್ತಿಯಲ್ಲಿ ವಿವಿಧ ಪಕ್ಷಗಳಿಗೆ ಸೇರಿದ ಸದಸ್ಯರು, ಅಧಿಕಾರಿಗಳು ಎಚ್ಚೆತ್ತುಕೊಂಡು ಕಸ ವಿಲೇವಾರಿ ಘಟಕವನ್ನು ಸ್ಥಾಪಿಸಬೇಕು. ಸಾರ್ವಜನಿಕರ ಆರೋಗ್ಯ ಹಿತದೃಷ್ಟಿಯಿಂದ ತಕ್ಷಣ ಕ್ರಮ ಕೈಗೊಳ್ಳಬೇಕು ಎಂದು ಸಾರ್ವಜನಿಕರು ಒತ್ತಾಯಿಸಿದ್ದಾರೆ.
ಬೀದಿಗಳಲ್ಲೂ ದುರ್ನಾತದ ವಾಸನೆ
ಪಟ್ಟಣದ ಬೀದಿ ಬೀದಿಯ ಕಸವನ್ನು ಕಸ ಸಂಗ್ರಹಕರು ವಿಲೇ ಮಾಡುತ್ತಿಲ್ಲ. ಚರಂಡಿ ಕ್ಲೀನ್ ಮಾಡಿ ಚರಂಡಿ ಪಕ್ಕದಲ್ಲೇ ಸುರಿಯುತ್ತಾರೆ. ಪಟ್ಟಣದ ಪ್ರತಿ ದಿನನಿಯೋಜನೆ ಕಸ ಕಸ, ಕೊಳ್ಳ ರಾಚುತ್ತಿದೆ. ನಿರ್ಮಾಣವಾದ ಮನೆಗಳ ಸೇದಿನಿಂದ ದುರ್ನಾತದ, ಸೊಳ್ಳೆಗಳ ಹಾವಳಿ ಕಡಿಮೆಯಾಗಿಲ್ಲ. ಇದರಿಂದ ಇಲ್ಲಿ ಓಡಾಡುವ ಪ್ರತಿಯೊಬ್ಬರ ಆರೋಗ್ಯ ನಿರ್ಮಾಣವಾಗಿದೆ.
ಶಾರದಮ್ಮ, ಆಜಾದ್‌ನಗರ, ಹುಳಿಯಾರು
ಕಸ ವಿಲೇವಾರಿಗೆ ಜಾಗ ಸಿಕ್ಕಿಲ್ಲ
ಕಸ ವಿಲೇವಾರಿ ಘಟಕಕ್ಕೆ ಸ್ಥಳ ಸಿಗದೇ ಸಂಗ್ರಹಿಸಿದ ಕಸ ಎಲ್ಲೆಂದರಲ್ಲಿ ಸ್ವಲ್ಪ ಗೋದಾಮು ಎಂದು ಹೊರಡಿಸಲಾಗಿದೆ ಅಲ್ಲದೆ ಆಹಾರದ ಒಂದು ಕಸ ಸಂಗ್ರಹಿಸುವ ವಾಹನದಲ್ಲಿ 2 ವಾಹನಗಳು ಮನೆಗಳಿಗೆ ಹೋಗಿ ಸಂಗ್ರಹಿಸುತ್ತವೆ. ವಿಲೇ ಸ್ಥಳ ಸಿಗದ ಕಾರಣ ಕಸ ವಿಲೇವಾರಿ ಮಾಡಲು ಸಾಧ್ಯವಾಗುತ್ತಿಲ್ಲ. ಹಾಗಾಗಿ ಸೂಕ್ತ ಸ್ಥಳ ಸಿಕ್ಕ ತಕ್ಷಣ ಚಾಲಕರನ್ನು ನೇಮಿಸಿಕೊಂಡು ಸಮಸ್ಯೆ ಬಗೆಹರಿಸಲಾಗುವುದು.
ಕಸ ಸಂಗ್ರಹ ಕ್ಷೇತ್ರನಾಗಭೂಷಣ್, ಪಪಂ ಮುಖ್ಯಾಧಿಕಾರಿ, ಹುಳಿಯಾರು
